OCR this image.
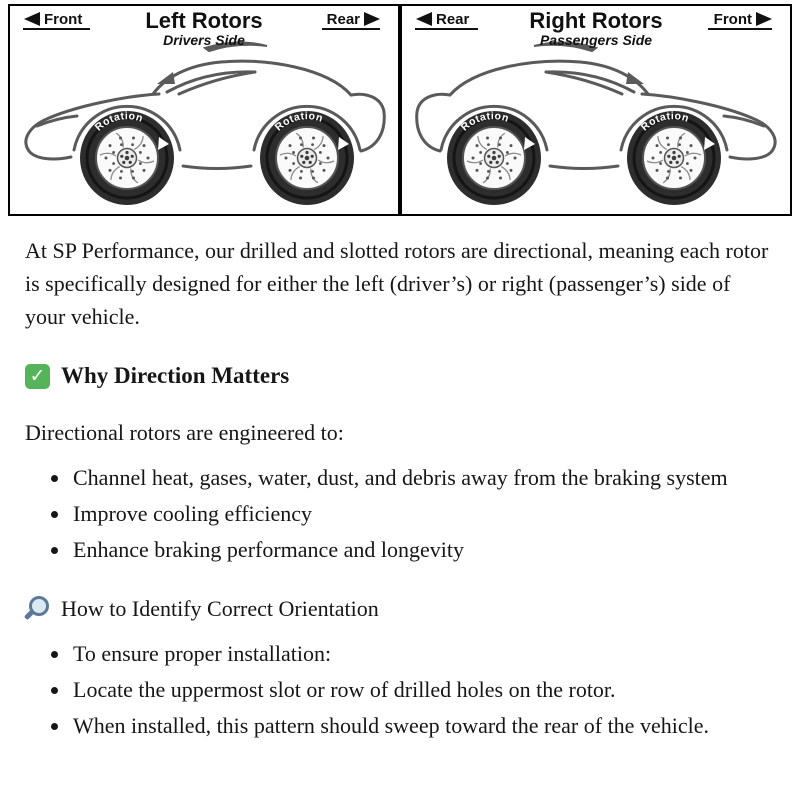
Front	Left Rotors
Drivers Side
Rear	Rear	Right Rotors
Passengers Side
Front
Rotation
Rotation
Rotation
Rotation

At SP Performance, our drilled and slotted rotors are directional, meaning each rotor is specifically designed for either the left (driver’s) or right (passenger’s) side of your vehicle.

✓ Why Direction Matters

Directional rotors are engineered to:

• Channel heat, gases, water, dust, and debris away from the braking system
• Improve cooling efficiency
• Enhance braking performance and longevity
How to Identify Correct Orientation
• To ensure proper installation:
• Locate the uppermost slot or row of drilled holes on the rotor.
• When installed, this pattern should sweep toward the rear of the vehicle.
